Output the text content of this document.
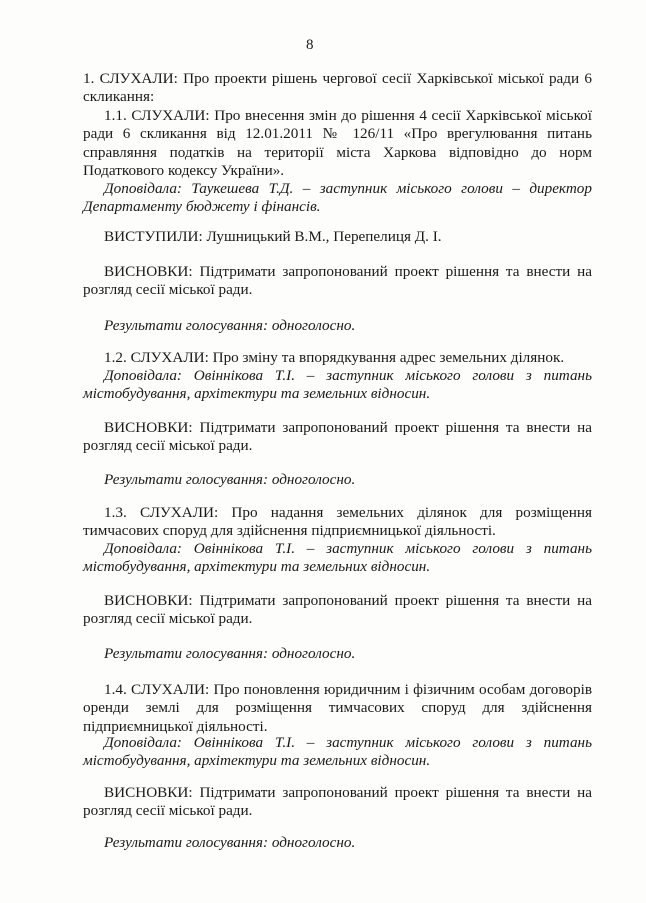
8
1. СЛУХАЛИ: Про проекти рішень чергової сесії Харківської міської ради 6 скликання:
1.1. СЛУХАЛИ: Про внесення змін до рішення 4 сесії Харківської міської ради 6 скликання від 12.01.2011 № 126/11 «Про врегулювання питань справляння податків на території міста Харкова відповідно до норм Податкового кодексу України».
Доповідала: Таукешева Т.Д. – заступник міського голови – директор Департаменту бюджету і фінансів.
ВИСТУПИЛИ: Лушницький В.М., Перепелиця Д. І.
ВИСНОВКИ: Підтримати запропонований проект рішення та внести на розгляд сесії міської ради.
Результати голосування: одноголосно.
1.2. СЛУХАЛИ: Про зміну та впорядкування адрес земельних ділянок.
Доповідала: Овіннікова Т.І. – заступник міського голови з питань містобудування, архітектури та земельних відносин.
ВИСНОВКИ: Підтримати запропонований проект рішення та внести на розгляд сесії міської ради.
Результати голосування: одноголосно.
1.3. СЛУХАЛИ: Про надання земельних ділянок для розміщення тимчасових споруд для здійснення підприємницької діяльності.
Доповідала: Овіннікова Т.І. – заступник міського голови з питань містобудування, архітектури та земельних відносин.
ВИСНОВКИ: Підтримати запропонований проект рішення та внести на розгляд сесії міської ради.
Результати голосування: одноголосно.
1.4. СЛУХАЛИ: Про поновлення юридичним і фізичним особам договорів оренди землі для розміщення тимчасових споруд для здійснення підприємницької діяльності.
Доповідала: Овіннікова Т.І. – заступник міського голови з питань містобудування, архітектури та земельних відносин.
ВИСНОВКИ: Підтримати запропонований проект рішення та внести на розгляд сесії міської ради.
Результати голосування: одноголосно.
